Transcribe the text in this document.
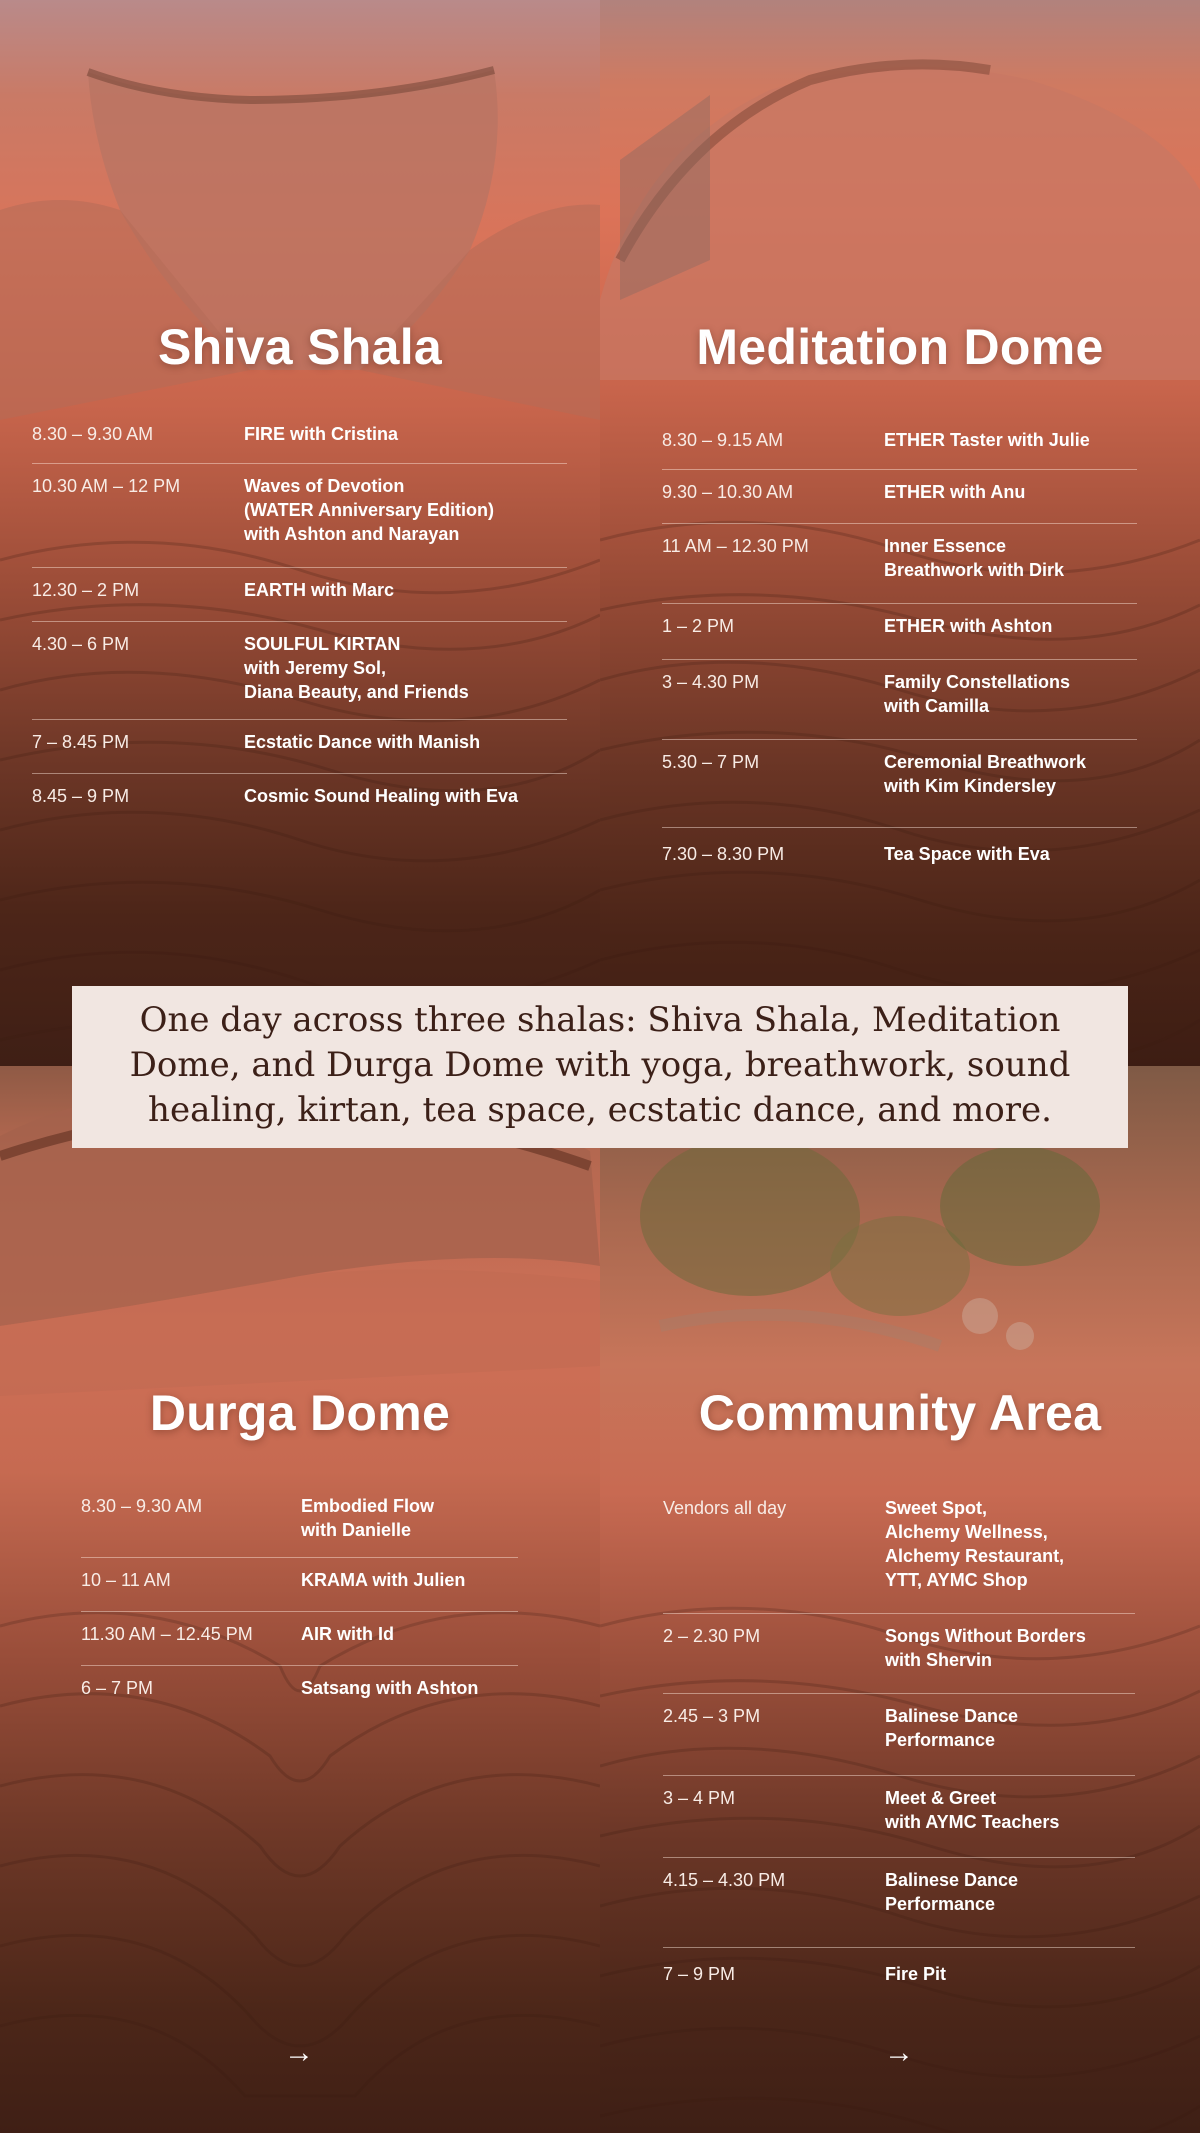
Shiva Shala
8.30 – 9.30 AM	FIRE with Cristina
10.30 AM – 12 PM	Waves of Devotion
(WATER Anniversary Edition)
with Ashton and Narayan
12.30 – 2 PM	EARTH with Marc
4.30 – 6 PM	SOULFUL KIRTAN
with Jeremy Sol,
Diana Beauty, and Friends
7 – 8.45 PM	Ecstatic Dance with Manish
8.45 – 9 PM	Cosmic Sound Healing with Eva
Meditation Dome
8.30 – 9.15 AM	ETHER Taster with Julie
9.30 – 10.30 AM	ETHER with Anu
11 AM – 12.30 PM	Inner Essence
Breathwork with Dirk
1 – 2 PM	ETHER with Ashton
3 – 4.30 PM	Family Constellations
with Camilla
5.30 – 7 PM	Ceremonial Breathwork
with Kim Kindersley
7.30 – 8.30 PM	Tea Space with Eva
Durga Dome
8.30 – 9.30 AM	Embodied Flow
with Danielle
10 – 11 AM	KRAMA with Julien
11.30 AM – 12.45 PM	AIR with Id
6 – 7 PM	Satsang with Ashton
→
Community Area
Vendors all day	Sweet Spot,
Alchemy Wellness,
Alchemy Restaurant,
YTT, AYMC Shop
2 – 2.30 PM	Songs Without Borders
with Shervin
2.45 – 3 PM	Balinese Dance
Performance
3 – 4 PM	Meet & Greet
with AYMC Teachers
4.15 – 4.30 PM	Balinese Dance
Performance
7 – 9 PM	Fire Pit
→

One day across three shalas: Shiva Shala, Meditation Dome, and Durga Dome with yoga, breathwork, sound healing, kirtan, tea space, ecstatic dance, and more.
